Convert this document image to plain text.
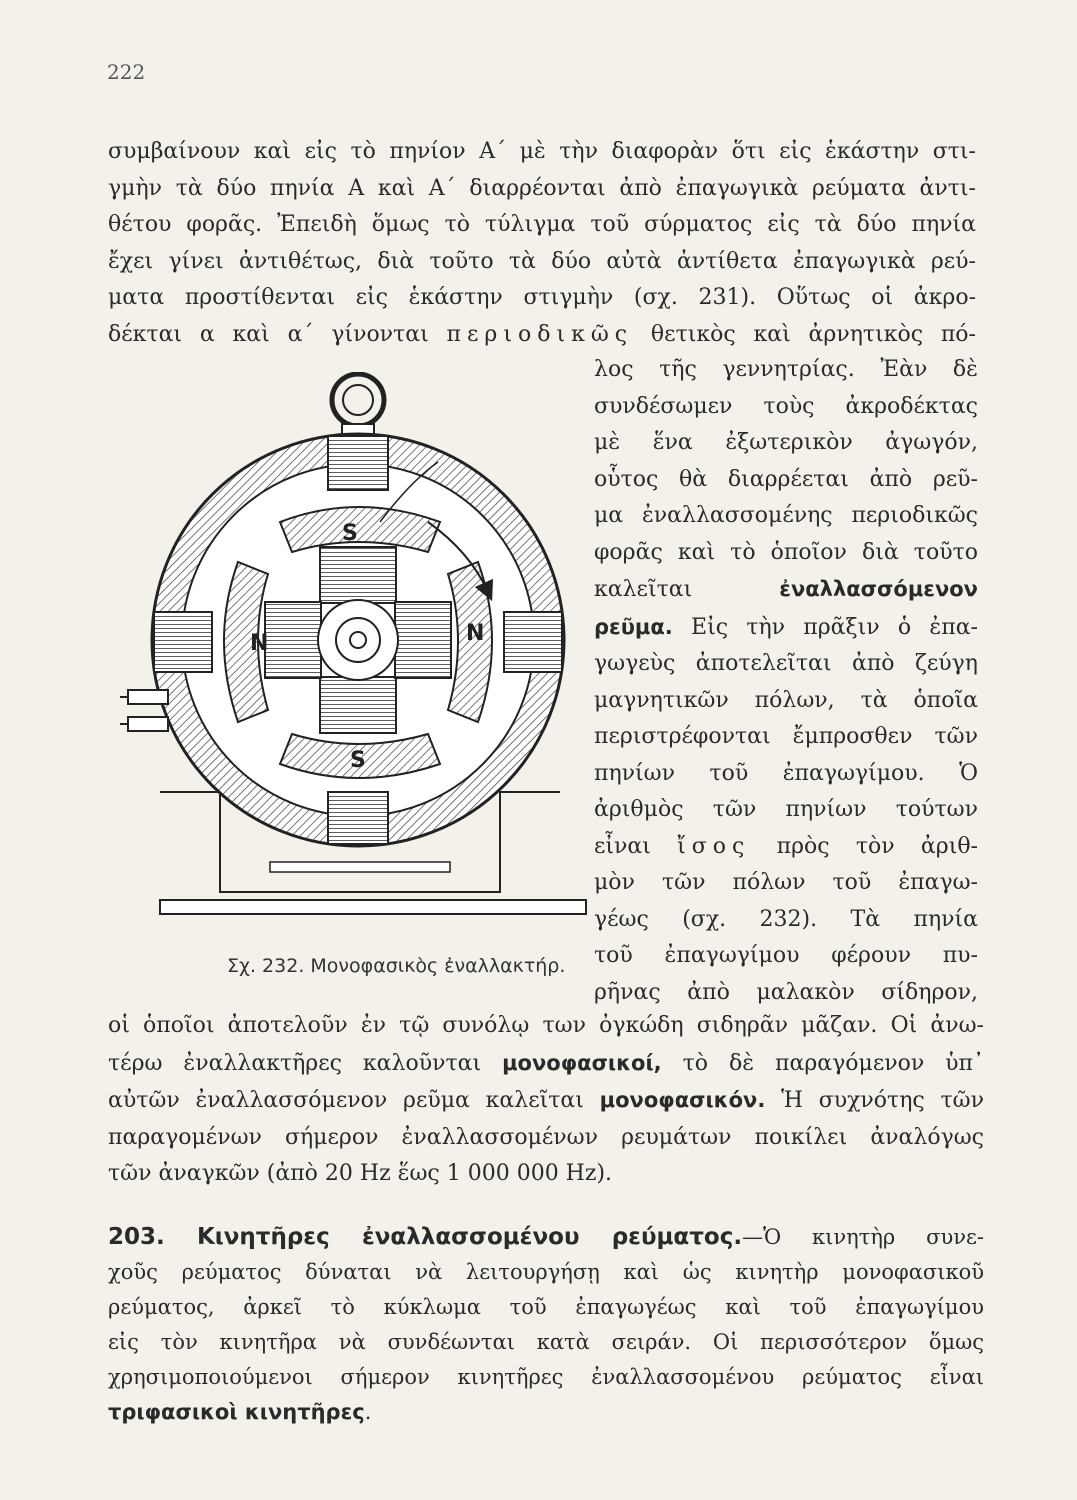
222
συμβαίνουν καὶ εἰς τὸ πηνίον Α΄ μὲ τὴν διαφορὰν ὅτι εἰς ἑκάστην στι-
γμὴν τὰ δύο πηνία Α καὶ Α΄ διαρρέονται ἀπὸ ἐπαγωγικὰ ρεύματα ἀντι-
θέτου φορᾶς. Ἐπειδὴ ὅμως τὸ τύλιγμα τοῦ σύρματος εἰς τὰ δύο πηνία
ἔχει γίνει ἀντιθέτως, διὰ τοῦτο τὰ δύο αὐτὰ ἀντίθετα ἐπαγωγικὰ ρεύ-
ματα προστίθενται εἰς ἑκάστην στιγμὴν (σχ. 231). Οὕτως οἱ ἀκρο-
δέκται α καὶ α΄ γίνονται περιοδικῶς θετικὸς καὶ ἀρνητικὸς πό-
λος τῆς γεννητρίας. Ἐὰν δὲ
συνδέσωμεν τοὺς ἀκροδέκτας
μὲ ἕνα ἐξωτερικὸν ἀγωγόν,
οὗτος θὰ διαρρέεται ἀπὸ ρεῦ-
μα ἐναλλασσομένης περιοδικῶς
φορᾶς καὶ τὸ ὁποῖον διὰ τοῦτο
καλεῖται	ἐναλλασσόμενον
ρεῦμα. Εἰς τὴν πρᾶξιν ὁ ἐπα-
γωγεὺς ἀποτελεῖται ἀπὸ ζεύγη
μαγνητικῶν πόλων, τὰ ὁποῖα
περιστρέφονται ἔμπροσθεν τῶν
πηνίων τοῦ ἐπαγωγίμου. Ὁ
ἀριθμὸς τῶν πηνίων τούτων
εἶναι ἴσος πρὸς τὸν ἀριθ-
μὸν τῶν πόλων τοῦ ἐπαγω-
γέως (σχ. 232). Τὰ πηνία
τοῦ ἐπαγωγίμου φέρουν πυ-
ρῆνας ἀπὸ μαλακὸν σίδηρον,
S
S
N	N
Σχ. 232. Μονοφασικὸς ἐναλλακτήρ.
οἱ ὁποῖοι ἀποτελοῦν ἐν τῷ συνόλῳ των ὀγκώδη σιδηρᾶν μᾶζαν. Οἱ ἀνω-
τέρω ἐναλλακτῆρες καλοῦνται μονοφασικοί, τὸ δὲ παραγόμενον ὑπ᾽
αὐτῶν ἐναλλασσόμενον ρεῦμα καλεῖται μονοφασικόν. Ἡ συχνότης τῶν
παραγομένων σήμερον ἐναλλασσομένων ρευμάτων ποικίλει ἀναλόγως
τῶν ἀναγκῶν (ἀπὸ 20 Hz ἕως 1 000 000 Hz).
203. Κινητῆρες ἐναλλασσομένου ρεύματος.—Ὁ κινητὴρ συνε-
χοῦς ρεύματος δύναται νὰ λειτουργήσῃ καὶ ὡς κινητὴρ μονοφασικοῦ
ρεύματος, ἀρκεῖ τὸ κύκλωμα τοῦ ἐπαγωγέως καὶ τοῦ ἐπαγωγίμου
εἰς τὸν κινητῆρα νὰ συνδέωνται κατὰ σειράν. Οἱ περισσότερον ὅμως
χρησιμοποιούμενοι σήμερον κινητῆρες ἐναλλασσομένου ρεύματος εἶναι
τριφασικοὶ κινητῆρες.
